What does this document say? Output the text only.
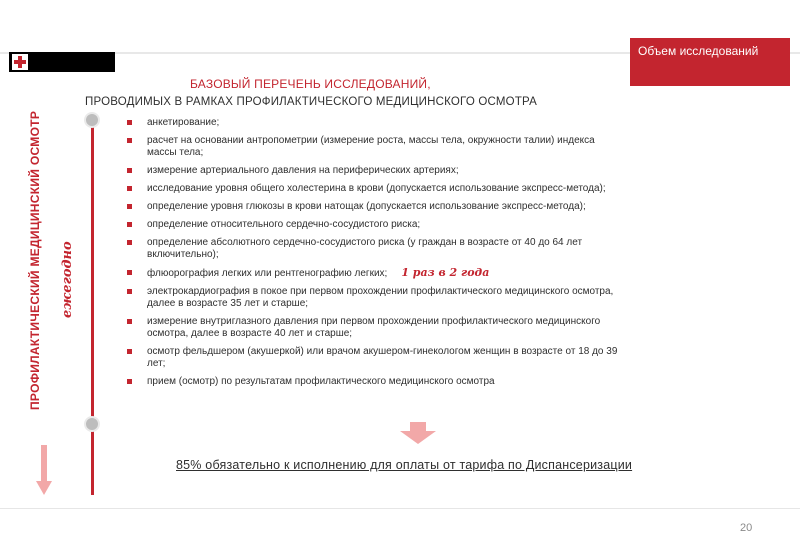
Объем исследований
БАЗОВЫЙ ПЕРЕЧЕНЬ ИССЛЕДОВАНИЙ,
ПРОВОДИМЫХ В РАМКАХ ПРОФИЛАКТИЧЕСКОГО МЕДИЦИНСКОГО ОСМОТРА
ПРОФИЛАКТИЧЕСКИЙ МЕДИЦИНСКИЙ ОСМОТР ежегодно
анкетирование;
расчет на основании антропометрии (измерение роста, массы тела, окружности талии) индекса массы тела;
измерение артериального давления на периферических артериях;
исследование уровня общего холестерина в крови (допускается использование экспресс-метода);
определение уровня глюкозы в крови натощак (допускается использование экспресс-метода);
определение относительного сердечно-сосудистого риска;
определение абсолютного сердечно-сосудистого риска (у граждан в возрасте от 40 до 64 лет включительно);
флюорография легких или рентгенографию легких; 1 раз в 2 года
электрокардиография в покое при первом прохождении профилактического медицинского осмотра, далее в возрасте 35 лет и старше;
измерение внутриглазного давления при первом прохождении профилактического медицинского осмотра, далее в возрасте 40 лет и старше;
осмотр фельдшером (акушеркой) или врачом акушером-гинекологом женщин в возрасте от 18 до 39 лет;
прием (осмотр) по результатам профилактического медицинского осмотра
85% обязательно к исполнению для оплаты от тарифа по Диспансеризации
20
